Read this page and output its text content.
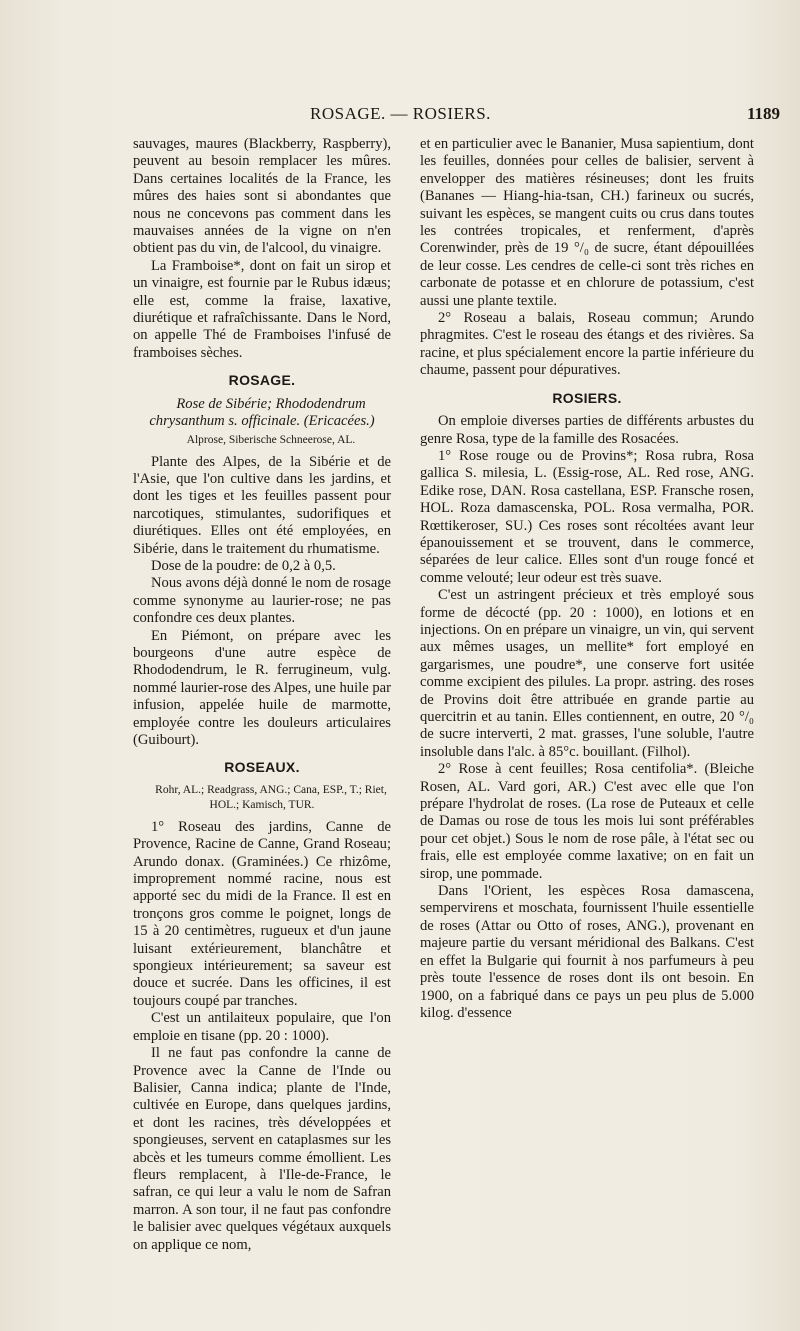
ROSAGE. — ROSIERS.	1189

sauvages, maures (Blackberry, Raspberry), peuvent au besoin remplacer les mûres. Dans certaines localités de la France, les mûres des haies sont si abondantes que nous ne concevons pas comment dans les mauvaises années de la vigne on n'en obtient pas du vin, de l'alcool, du vinaigre.

La Framboise*, dont on fait un sirop et un vinaigre, est fournie par le Rubus idæus; elle est, comme la fraise, laxative, diurétique et rafraîchissante. Dans le Nord, on appelle Thé de Framboises l'infusé de framboises sèches.

ROSAGE.

Rose de Sibérie; Rhododendrum chrysanthum s. officinale. (Ericacées.)

Alprose, Siberische Schneerose, AL.

Plante des Alpes, de la Sibérie et de l'Asie, que l'on cultive dans les jardins, et dont les tiges et les feuilles passent pour narcotiques, stimulantes, sudorifiques et diurétiques. Elles ont été employées, en Sibérie, dans le traitement du rhumatisme.

Dose de la poudre: de 0,2 à 0,5.

Nous avons déjà donné le nom de rosage comme synonyme au laurier-rose; ne pas confondre ces deux plantes.

En Piémont, on prépare avec les bourgeons d'une autre espèce de Rhododendrum, le R. ferrugineum, vulg. nommé laurier-rose des Alpes, une huile par infusion, appelée huile de marmotte, employée contre les douleurs articulaires (Guibourt).

ROSEAUX.

Rohr, AL.; Readgrass, ANG.; Cana, ESP., T.; Riet, HOL.; Kamisch, TUR.

1° Roseau des jardins, Canne de Provence, Racine de Canne, Grand Roseau; Arundo donax. (Graminées.) Ce rhizôme, improprement nommé racine, nous est apporté sec du midi de la France. Il est en tronçons gros comme le poignet, longs de 15 à 20 centimètres, rugueux et d'un jaune luisant extérieurement, blanchâtre et spongieux intérieurement; sa saveur est douce et sucrée. Dans les officines, il est toujours coupé par tranches.

C'est un antilaiteux populaire, que l'on emploie en tisane (pp. 20 : 1000).

Il ne faut pas confondre la canne de Provence avec la Canne de l'Inde ou Balisier, Canna indica; plante de l'Inde, cultivée en Europe, dans quelques jardins, et dont les racines, très développées et spongieuses, servent en cataplasmes sur les abcès et les tumeurs comme émollient. Les fleurs remplacent, à l'Ile-de-France, le safran, ce qui leur a valu le nom de Safran marron. A son tour, il ne faut pas confondre le balisier avec quelques végétaux auxquels on applique ce nom,

et en particulier avec le Bananier, Musa sapientium, dont les feuilles, données pour celles de balisier, servent à envelopper des matières résineuses; dont les fruits (Bananes — Hiang-hia-tsan, CH.) farineux ou sucrés, suivant les espèces, se mangent cuits ou crus dans toutes les contrées tropicales, et renferment, d'après Corenwinder, près de 19 °/₀ de sucre, étant dépouillées de leur cosse. Les cendres de celle-ci sont très riches en carbonate de potasse et en chlorure de potassium, c'est aussi une plante textile.

2° Roseau a balais, Roseau commun; Arundo phragmites. C'est le roseau des étangs et des rivières. Sa racine, et plus spécialement encore la partie inférieure du chaume, passent pour dépuratives.

ROSIERS.

On emploie diverses parties de différents arbustes du genre Rosa, type de la famille des Rosacées.

1° Rose rouge ou de Provins*; Rosa rubra, Rosa gallica S. milesia, L. (Essig-rose, AL. Red rose, ANG. Edike rose, DAN. Rosa castellana, ESP. Fransche rosen, HOL. Roza damascenska, POL. Rosa vermalha, POR. Rœttikeroser, SU.) Ces roses sont récoltées avant leur épanouissement et se trouvent, dans le commerce, séparées de leur calice. Elles sont d'un rouge foncé et comme velouté; leur odeur est très suave.

C'est un astringent précieux et très employé sous forme de décocté (pp. 20 : 1000), en lotions et en injections. On en prépare un vinaigre, un vin, qui servent aux mêmes usages, un mellite* fort employé en gargarismes, une poudre*, une conserve fort usitée comme excipient des pilules. La propr. astring. des roses de Provins doit être attribuée en grande partie au quercitrin et au tanin. Elles contiennent, en outre, 20 °/₀ de sucre interverti, 2 mat. grasses, l'une soluble, l'autre insoluble dans l'alc. à 85°c. bouillant. (Filhol).

2° Rose à cent feuilles; Rosa centifolia*. (Bleiche Rosen, AL. Vard gori, AR.) C'est avec elle que l'on prépare l'hydrolat de roses. (La rose de Puteaux et celle de Damas ou rose de tous les mois lui sont préférables pour cet objet.) Sous le nom de rose pâle, à l'état sec ou frais, elle est employée comme laxative; on en fait un sirop, une pommade.

Dans l'Orient, les espèces Rosa damascena, sempervirens et moschata, fournissent l'huile essentielle de roses (Attar ou Otto of roses, ANG.), provenant en majeure partie du versant méridional des Balkans. C'est en effet la Bulgarie qui fournit à nos parfumeurs à peu près toute l'essence de roses dont ils ont besoin. En 1900, on a fabriqué dans ce pays un peu plus de 5.000 kilog. d'essence
